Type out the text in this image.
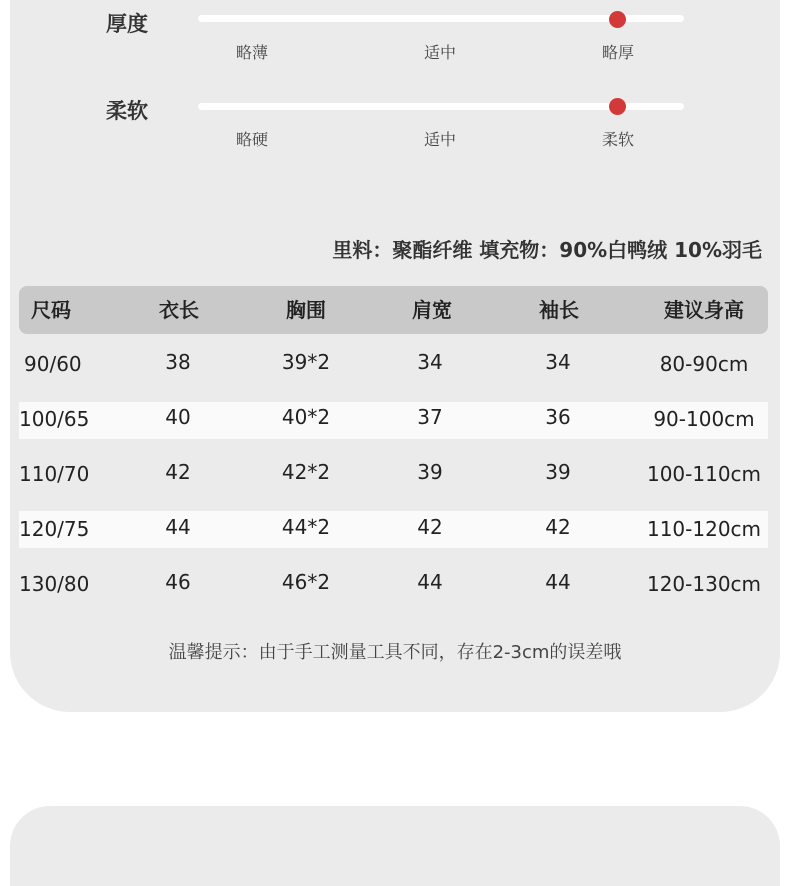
厚度
略薄	适中	略厚
柔软
略硬	适中	柔软
里料：聚酯纤维 填充物：90%白鸭绒 10%羽毛
尺码	衣长	胸围	肩宽	袖长	建议身高
90/60	38	39*2	34	34	80-90cm
100/65	40	40*2	37	36	90-100cm
110/70	42	42*2	39	39	100-110cm
120/75	44	44*2	42	42	110-120cm
130/80	46	46*2	44	44	120-130cm
温馨提示：由于手工测量工具不同，存在2-3cm的误差哦
